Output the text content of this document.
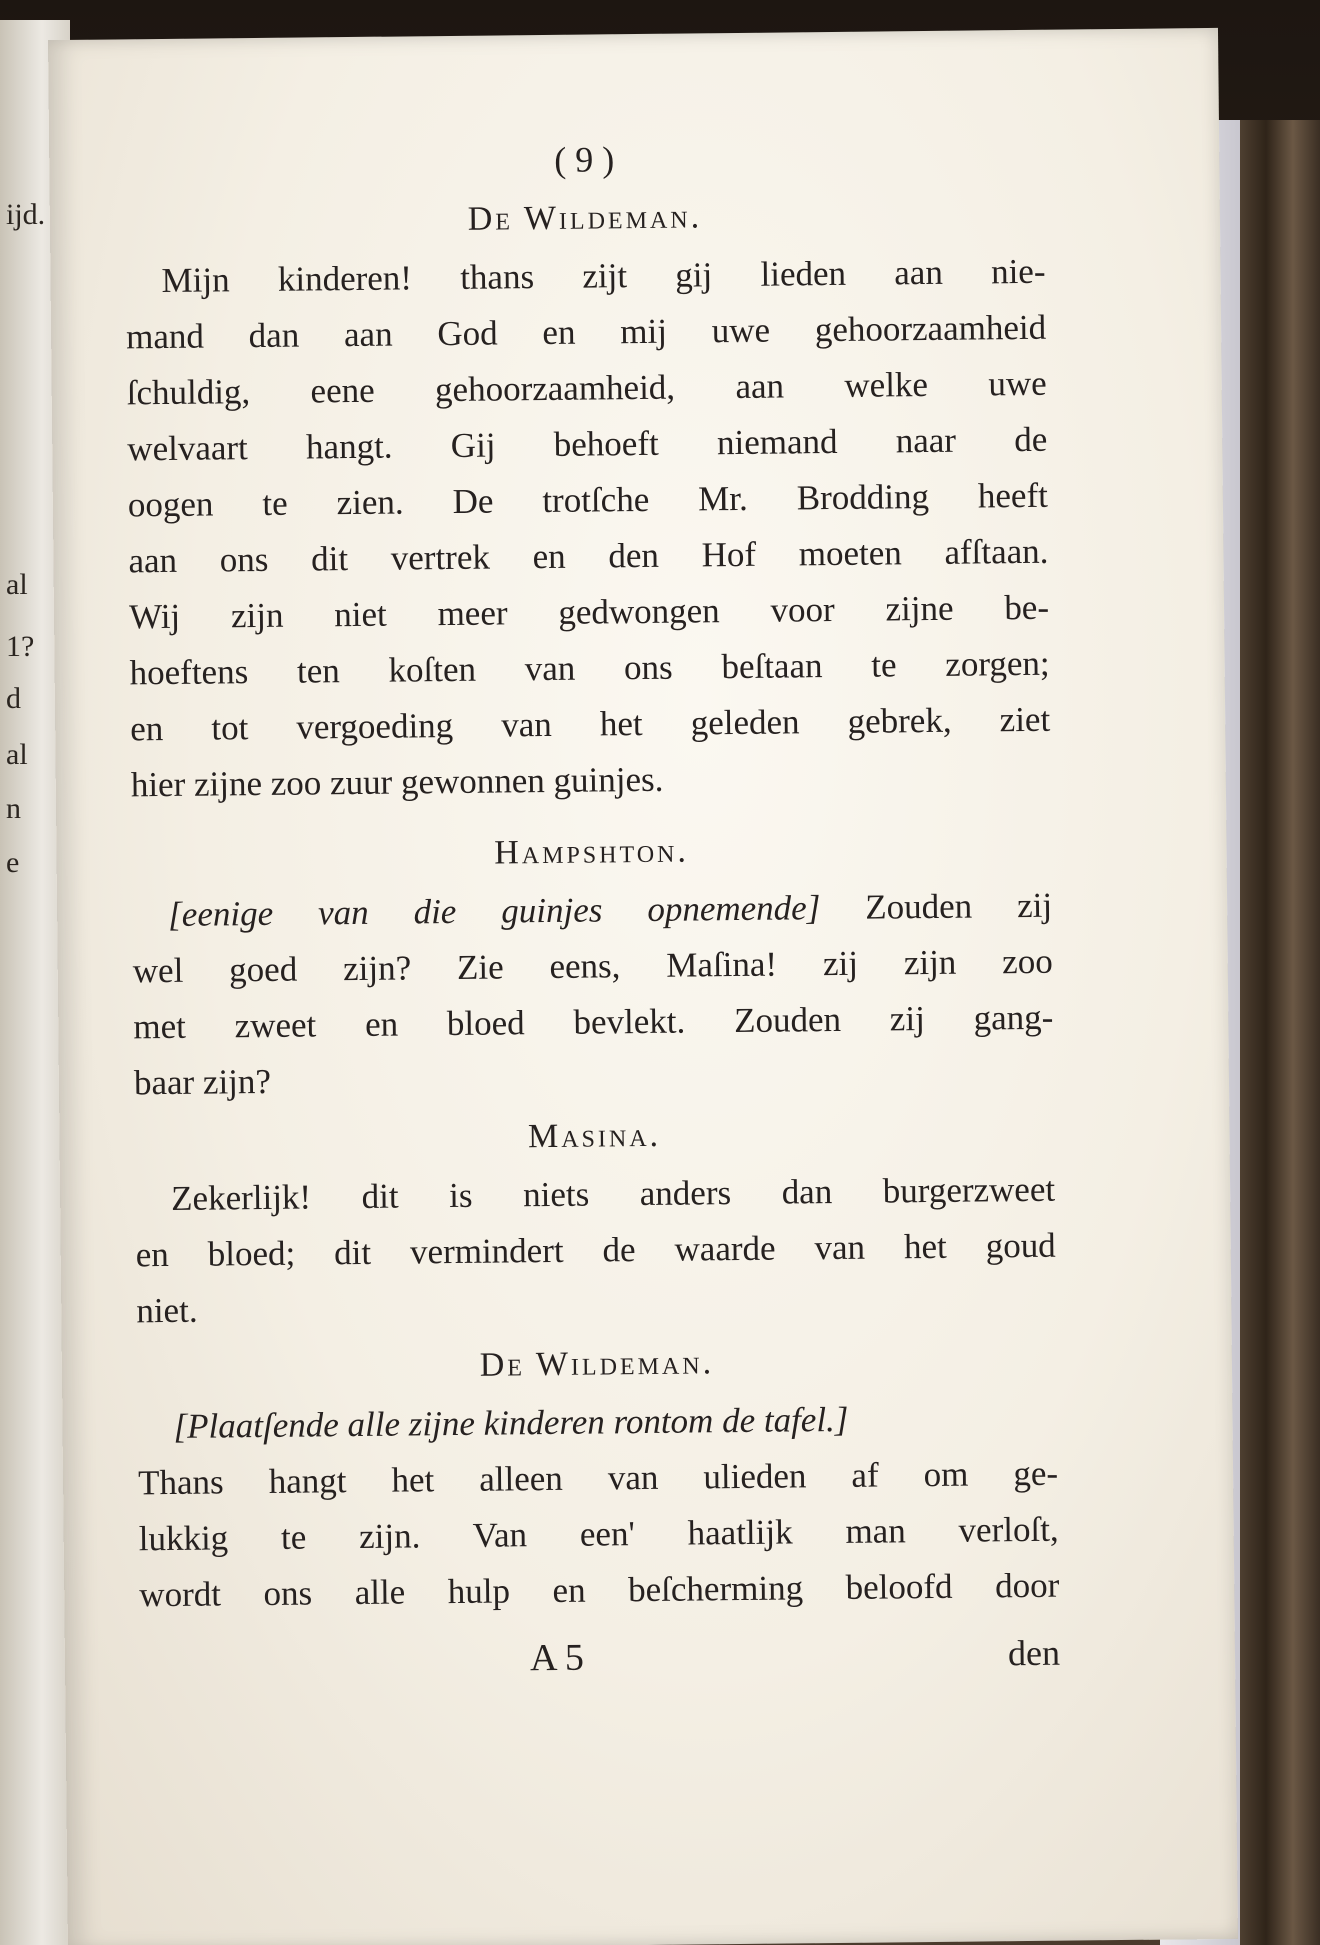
ijd.
al
1?
d
al
n
e
( 9 )
De Wildeman.
Mijn kinderen! thans zijt gij lieden aan nie-
mand dan aan God en mij uwe gehoorzaamheid
ſchuldig, eene gehoorzaamheid, aan welke uwe
welvaart hangt. Gij behoeft niemand naar de
oogen te zien. De trotſche Mr. Brodding heeft
aan ons dit vertrek en den Hof moeten afſtaan.
Wij zijn niet meer gedwongen voor zijne be-
hoeftens ten koſten van ons beſtaan te zorgen;
en tot vergoeding van het geleden gebrek, ziet
hier zijne zoo zuur gewonnen guinjes.
Hampshton.
[eenige van die guinjes opnemende] Zouden zij
wel goed zijn? Zie eens, Maſina! zij zijn zoo
met zweet en bloed bevlekt. Zouden zij gang-
baar zijn?
Masina.
Zekerlijk! dit is niets anders dan burgerzweet
en bloed; dit vermindert de waarde van het goud
niet.
De Wildeman.
[Plaatſende alle zijne kinderen rontom de tafel.]
Thans hangt het alleen van ulieden af om ge-
lukkig te zijn. Van een' haatlijk man verloſt,
wordt ons alle hulp en beſcherming beloofd door
A 5	den
